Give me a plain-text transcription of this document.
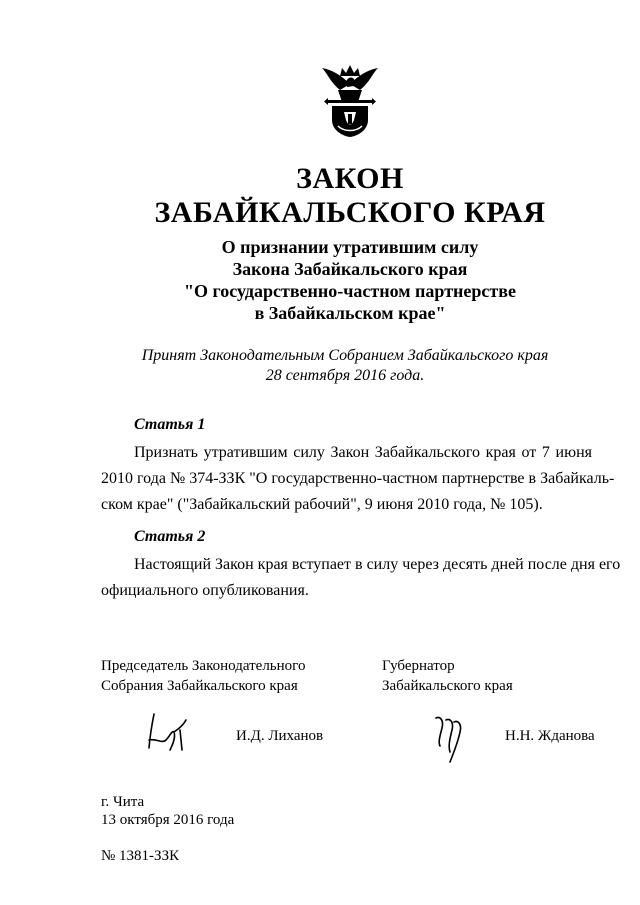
ЗАКОН
ЗАБАЙКАЛЬСКОГО КРАЯ
О признании утратившим силу
Закона Забайкальского края
"О государственно-частном партнерстве
в Забайкальском крае"
Принят Законодательным Собранием Забайкальского края
28 сентября 2016 года.
Статья 1
Признать утратившим силу Закон Забайкальского края от 7 июня
2010 года № 374-ЗЗК "О государственно-частном партнерстве в Забайкаль-
ском крае" ("Забайкальский рабочий", 9 июня 2010 года, № 105).
Статья 2
Настоящий Закон края вступает в силу через десять дней после дня его
официального опубликования.
Председатель Законодательного
Собрания Забайкальского края
Губернатор
Забайкальского края
И.Д. Лиханов	Н.Н. Жданова
г. Чита
13 октября 2016 года
№ 1381-ЗЗК
